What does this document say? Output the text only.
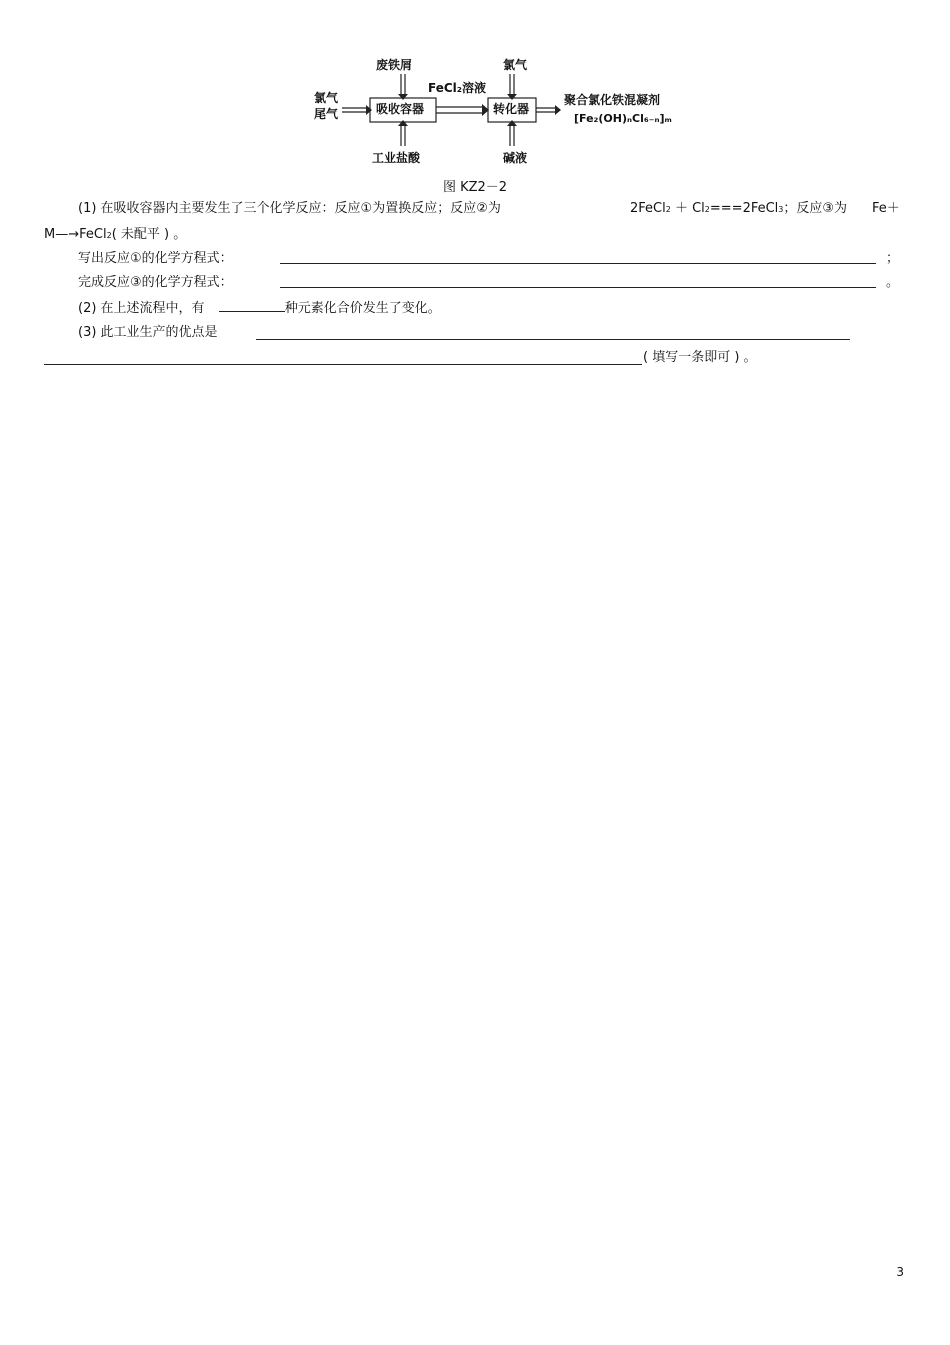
氯气
尾气
废铁屑
工业盐酸
吸收容器
FeCl₂溶液
氯气
碱液
转化器
聚合氯化铁混凝剂
[Fe₂(OH)ₙCl₆₋ₙ]ₘ
图 KZ2－2
(1) 在吸收容器内主要发生了三个化学反应：反应①为置换反应；反应②为	2FeCl2 ＋ Cl2===2FeCl3；反应③为 Fe＋
M—→FeCl2( 未配平 ) 。
写出反应①的化学方程式：	；
完成反应③的化学方程式：	。
(2) 在上述流程中，有	种元素化合价发生了变化。
(3) 此工业生产的优点是
( 填写一条即可 ) 。
3
